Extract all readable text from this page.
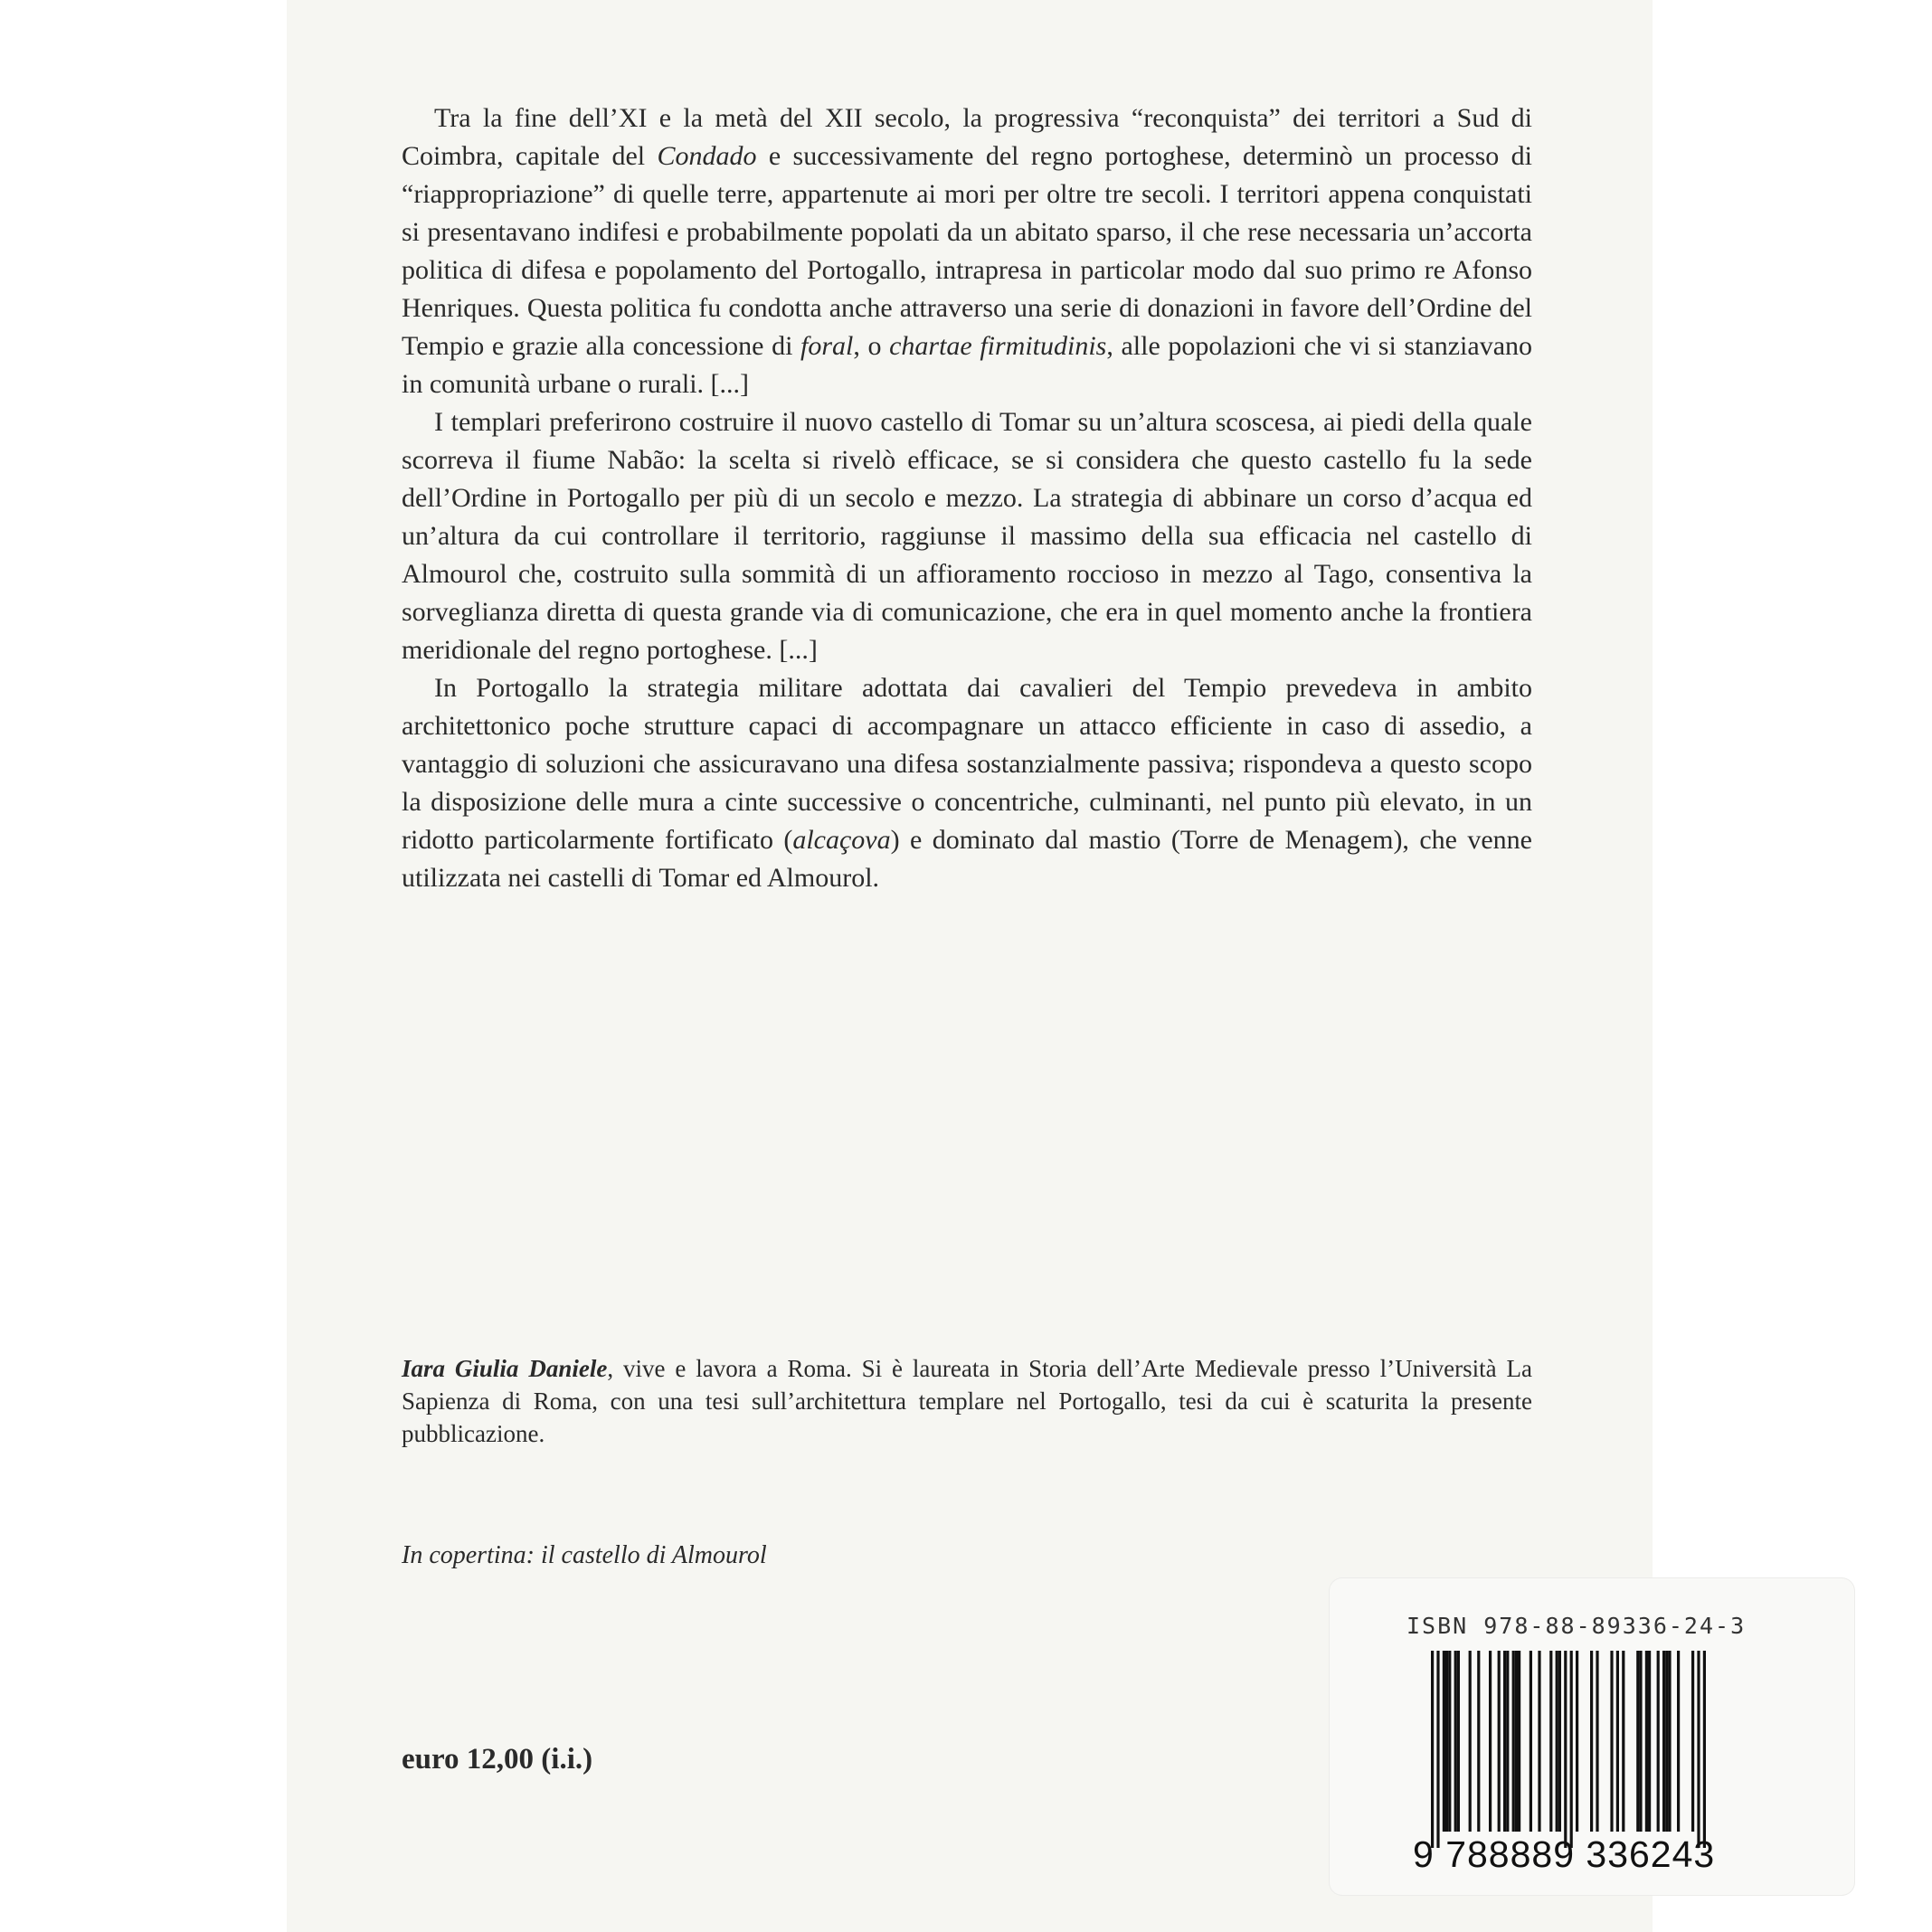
Tra la fine dell’XI e la metà del XII secolo, la progressiva “reconquista” dei territori a Sud di Coimbra, capitale del Condado e successivamente del regno portoghese, determinò un processo di “riappropriazione” di quelle terre, appartenute ai mori per oltre tre secoli. I territori appena conquistati si presentavano indifesi e probabilmente popolati da un abitato sparso, il che rese necessaria un’accorta politica di difesa e popolamento del Portogallo, intrapresa in particolar modo dal suo primo re Afonso Henriques. Questa politica fu condotta anche attraverso una serie di donazioni in favore dell’Ordine del Tempio e grazie alla concessione di foral, o chartae firmitudinis, alle popolazioni che vi si stanziavano in comunità urbane o rurali. [...]

I templari preferirono costruire il nuovo castello di Tomar su un’altura scoscesa, ai piedi della quale scorreva il fiume Nabão: la scelta si rivelò efficace, se si considera che questo castello fu la sede dell’Ordine in Portogallo per più di un secolo e mezzo. La strategia di abbinare un corso d’acqua ed un’altura da cui controllare il territorio, raggiunse il massimo della sua efficacia nel castello di Almourol che, costruito sulla sommità di un affioramento roccioso in mezzo al Tago, consentiva la sorveglianza diretta di questa grande via di comunicazione, che era in quel momento anche la frontiera meridionale del regno portoghese. [...]

In Portogallo la strategia militare adottata dai cavalieri del Tempio prevedeva in ambito architettonico poche strutture capaci di accompagnare un attacco efficiente in caso di assedio, a vantaggio di soluzioni che assicuravano una difesa sostanzialmente passiva; rispondeva a questo scopo la disposizione delle mura a cinte successive o concentriche, culminanti, nel punto più elevato, in un ridotto particolarmente fortificato (alcaçova) e dominato dal mastio (Torre de Menagem), che venne utilizzata nei castelli di Tomar ed Almourol.

Iara Giulia Daniele, vive e lavora a Roma. Si è laureata in Storia dell’Arte Medievale presso l’Università La Sapienza di Roma, con una tesi sull’architettura templare nel Portogallo, tesi da cui è scaturita la presente pubblicazione.

In copertina: il castello di Almourol
euro 12,00 (i.i.)
ISBN 978-88-89336-24-3
9 788889 336243
